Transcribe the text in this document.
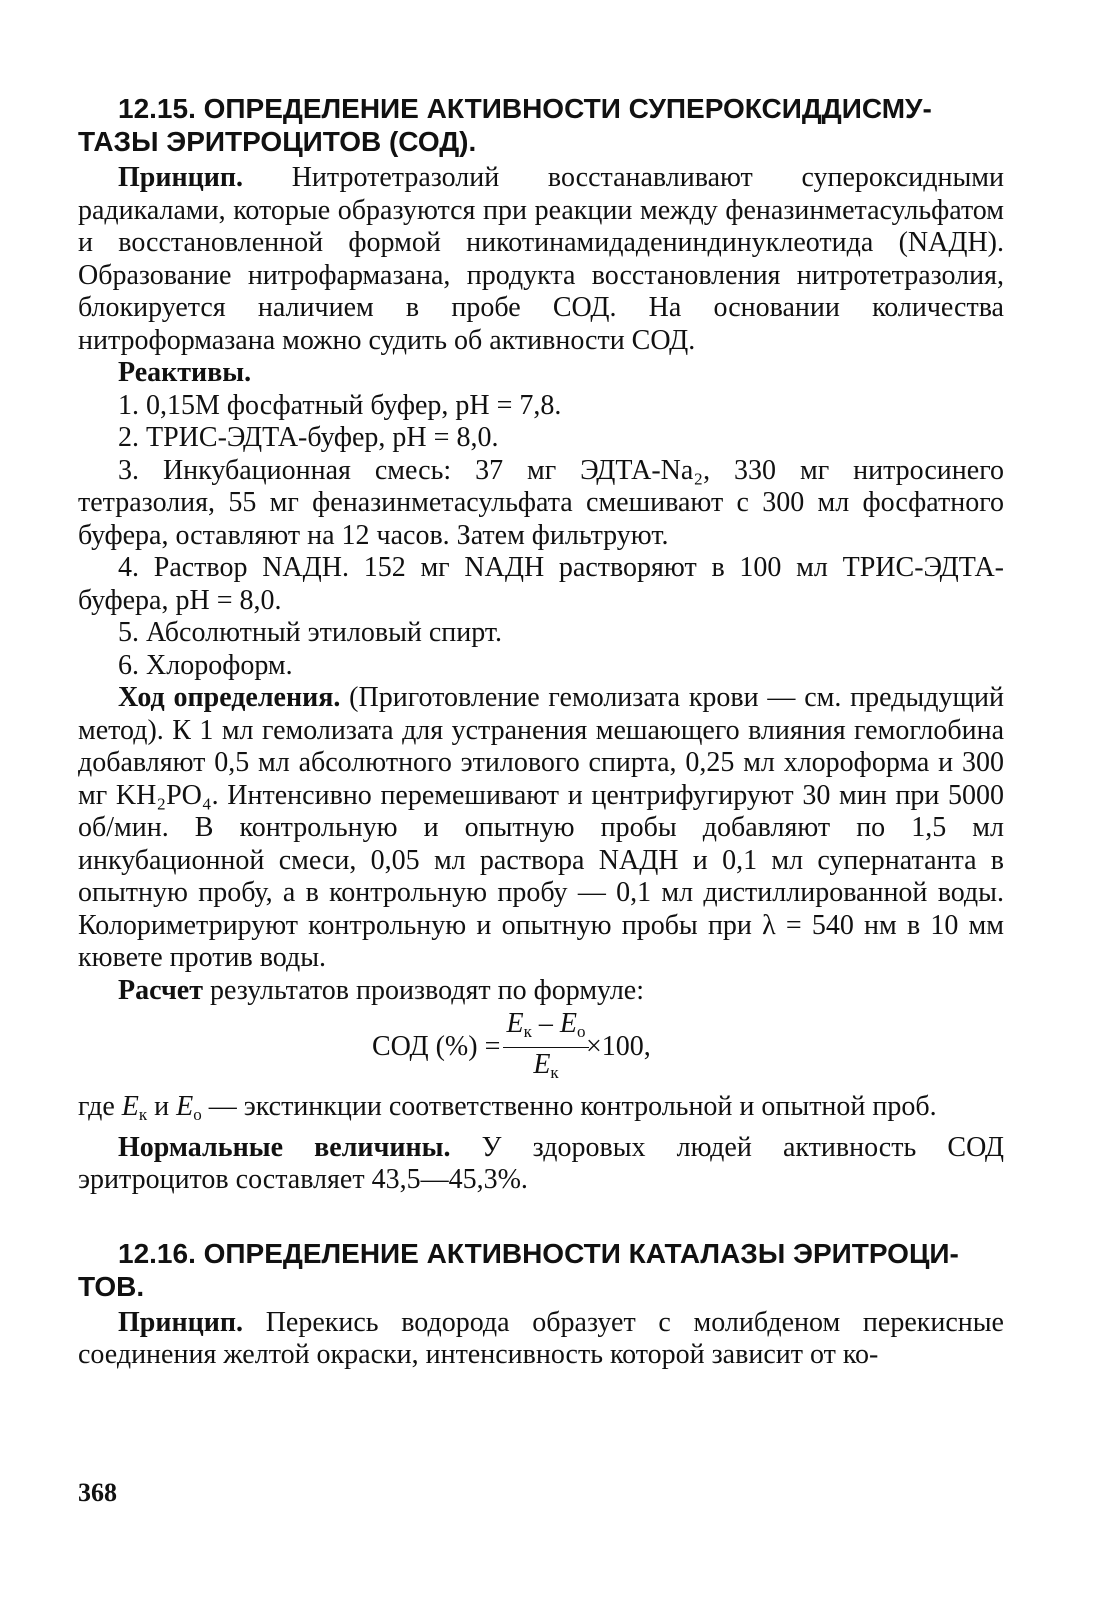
12.15. ОПРЕДЕЛЕНИЕ АКТИВНОСТИ СУПЕРОКСИДДИСМУ-
ТАЗЫ ЭРИТРОЦИТОВ (СОД).

Принцип. Нитротетразолий восстанавливают супероксидными радикалами, которые образуются при реакции между феназинметасульфатом и восстановленной формой никотинамидадениндинуклеотида (NАДН). Образование нитрофармазана, продукта восстановления нитротетразолия, блокируется наличием в пробе СОД. На основании количества нитроформазана можно судить об активности СОД.

Реактивы.

1. 0,15М фосфатный буфер, рН = 7,8.

2. ТРИС-ЭДТА-буфер, рН = 8,0.

3. Инкубационная смесь: 37 мг ЭДТА-Na₂, 330 мг нитросинего тетразолия, 55 мг феназинметасульфата смешивают с 300 мл фосфатного буфера, оставляют на 12 часов. Затем фильтруют.

4. Раствор NАДН. 152 мг NАДН растворяют в 100 мл ТРИС-ЭДТА-буфера, рН = 8,0.

5. Абсолютный этиловый спирт.

6. Хлороформ.

Ход определения. (Приготовление гемолизата крови — см. предыдущий метод). К 1 мл гемолизата для устранения мешающего влияния гемоглобина добавляют 0,5 мл абсолютного этилового спирта, 0,25 мл хлороформа и 300 мг KH₂PO₄. Интенсивно перемешивают и центрифугируют 30 мин при 5000 об/мин. В контрольную и опытную пробы добавляют по 1,5 мл инкубационной смеси, 0,05 мл раствора NАДН и 0,1 мл супернатанта в опытную пробу, а в контрольную пробу — 0,1 мл дистиллированной воды. Колориметрируют контрольную и опытную пробы при λ = 540 нм в 10 мм кювете против воды.

Расчет результатов производят по формуле:

СОД (%) =
$E_к - E_о$
$E_к$
×100,

где $E_к$ и $E_о$ — экстинкции соответственно контрольной и опытной проб.

Нормальные величины. У здоровых людей активность СОД эритроцитов составляет 43,5—45,3%.

12.16. ОПРЕДЕЛЕНИЕ АКТИВНОСТИ КАТАЛАЗЫ ЭРИТРОЦИ-
ТОВ.

Принцип. Перекись водорода образует с молибденом перекисные соединения желтой окраски, интенсивность которой зависит от ко-

368
